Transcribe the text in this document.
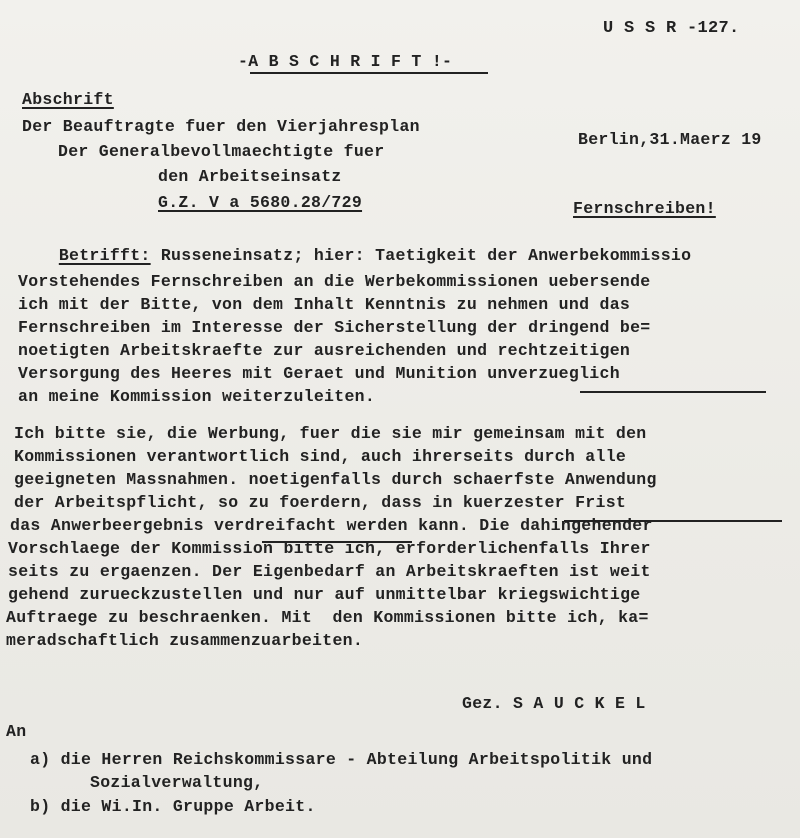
U S S R -127.
-A B S C H R I F T !-
Abschrift
Der Beauftragte fuer den Vierjahresplan
Der Generalbevollmaechtigte fuer
den Arbeitseinsatz
G.Z. V a 5680.28/729
Berlin,31.Maerz 19
Fernschreiben!

Betrifft: Russeneinsatz; hier: Taetigkeit der Anwerbekommissio

Vorstehendes Fernschreiben an die Werbekommissionen uebersende
ich mit der Bitte, von dem Inhalt Kenntnis zu nehmen und das
Fernschreiben im Interesse der Sicherstellung der dringend be=
noetigten Arbeitskraefte zur ausreichenden und rechtzeitigen
Versorgung des Heeres mit Geraet und Munition unverzueglich
an meine Kommission weiterzuleiten.
Ich bitte sie, die Werbung, fuer die sie mir gemeinsam mit den
Kommissionen verantwortlich sind, auch ihrerseits durch alle
geeigneten Massnahmen. noetigenfalls durch schaerfste Anwendung
der Arbeitspflicht, so zu foerdern, dass in kuerzester Frist
das Anwerbeergebnis verdreifacht werden kann. Die dahingehender
Vorschlaege der Kommission bitte ich, erforderlichenfalls Ihrer
seits zu ergaenzen. Der Eigenbedarf an Arbeitskraeften ist weit
gehend zurueckzustellen und nur auf unmittelbar kriegswichtige
Auftraege zu beschraenken. Mit  den Kommissionen bitte ich, ka=
meradschaftlich zusammenzuarbeiten.
Gez. S A U C K E L
An
a) die Herren Reichskommissare - Abteilung Arbeitspolitik und
Sozialverwaltung,
b) die Wi.In. Gruppe Arbeit.
